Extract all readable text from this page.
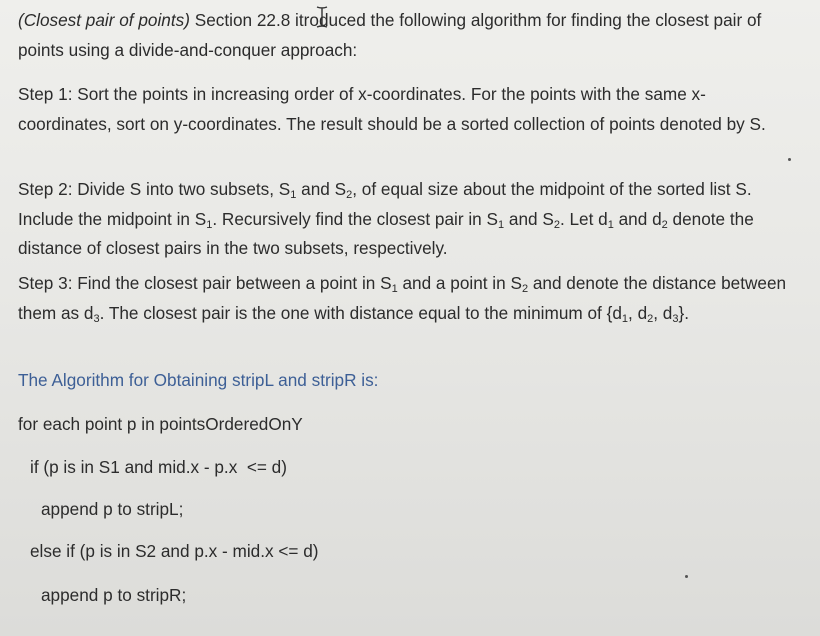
(Closest pair of points) Section 22.8 itroduced the following algorithm for finding the closest pair of points using a divide-and-conquer approach:

Step 1: Sort the points in increasing order of x-coordinates. For the points with the same x-coordinates, sort on y-coordinates. The result should be a sorted collection of points denoted by S.

Step 2: Divide S into two subsets, $S_1$ and $S_2$, of equal size about the midpoint of the sorted list S. Include the midpoint in $S_1$. Recursively find the closest pair in $S_1$ and $S_2$. Let $d_1$ and $d_2$ denote the distance of closest pairs in the two subsets, respectively.

Step 3: Find the closest pair between a point in $S_1$ and a point in $S_2$ and denote the distance between them as $d_3$. The closest pair is the one with distance equal to the minimum of {$d_1$, $d_2$, $d_3$}.

The Algorithm for Obtaining stripL and stripR is:

for each point p in pointsOrderedOnY

if (p is in S1 and mid.x - p.x  <= d)

append p to stripL;

else if (p is in S2 and p.x - mid.x <= d)

append p to stripR;
